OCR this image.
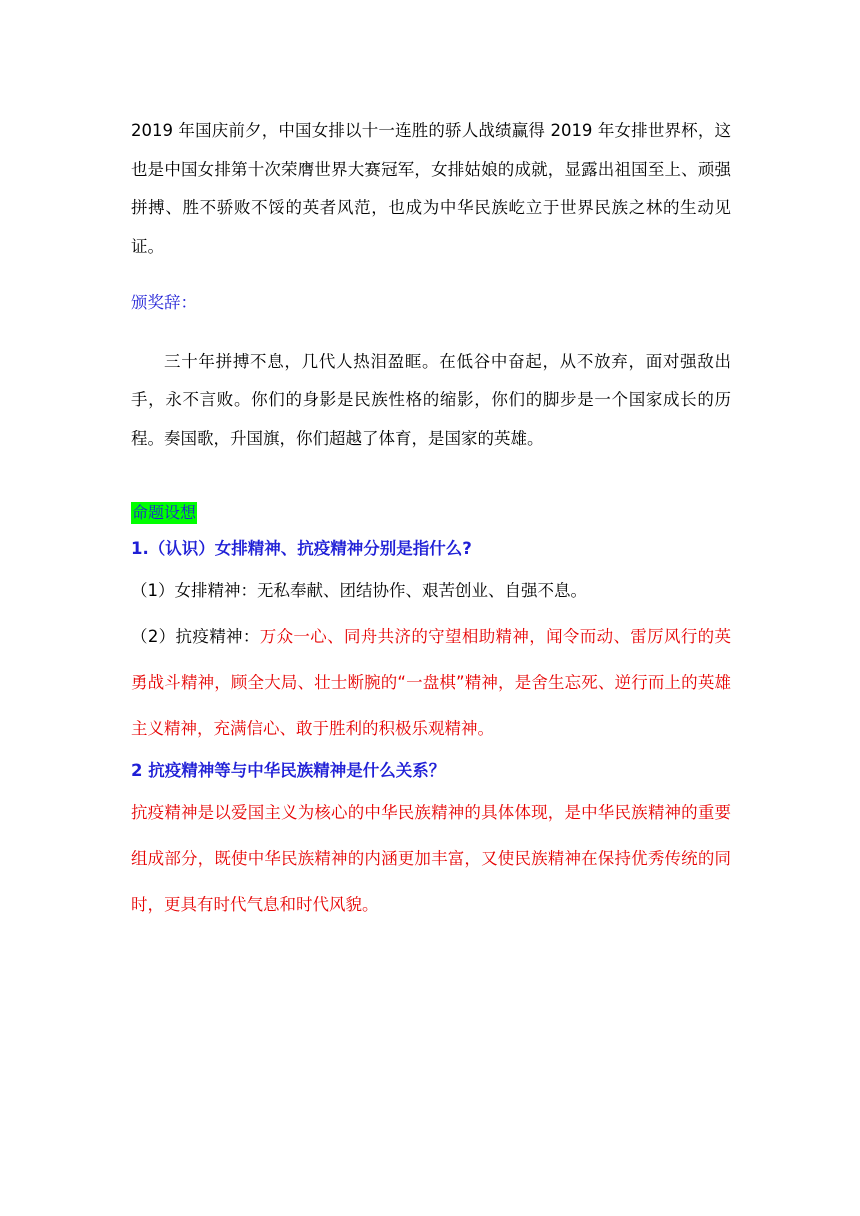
2019 年国庆前夕，中国女排以十一连胜的骄人战绩赢得 2019 年女排世界杯，这也是中国女排第十次荣膺世界大赛冠军，女排姑娘的成就，显露出祖国至上、顽强拼搏、胜不骄败不馁的英者风范，也成为中华民族屹立于世界民族之林的生动见证。

颁奖辞：

三十年拼搏不息，几代人热泪盈眶。在低谷中奋起，从不放弃，面对强敌出手，永不言败。你们的身影是民族性格的缩影，你们的脚步是一个国家成长的历程。奏国歌，升国旗，你们超越了体育，是国家的英雄。

命题设想

1.（认识）女排精神、抗疫精神分别是指什么?

（1）女排精神：无私奉献、团结协作、艰苦创业、自强不息。

（2）抗疫精神：万众一心、同舟共济的守望相助精神，闻令而动、雷厉风行的英勇战斗精神，顾全大局、壮士断腕的“一盘棋”精神，是舍生忘死、逆行而上的英雄主义精神，充满信心、敢于胜利的积极乐观精神。

2 抗疫精神等与中华民族精神是什么关系？

抗疫精神是以爱国主义为核心的中华民族精神的具体体现，是中华民族精神的重要组成部分，既使中华民族精神的内涵更加丰富，又使民族精神在保持优秀传统的同时，更具有时代气息和时代风貌。
